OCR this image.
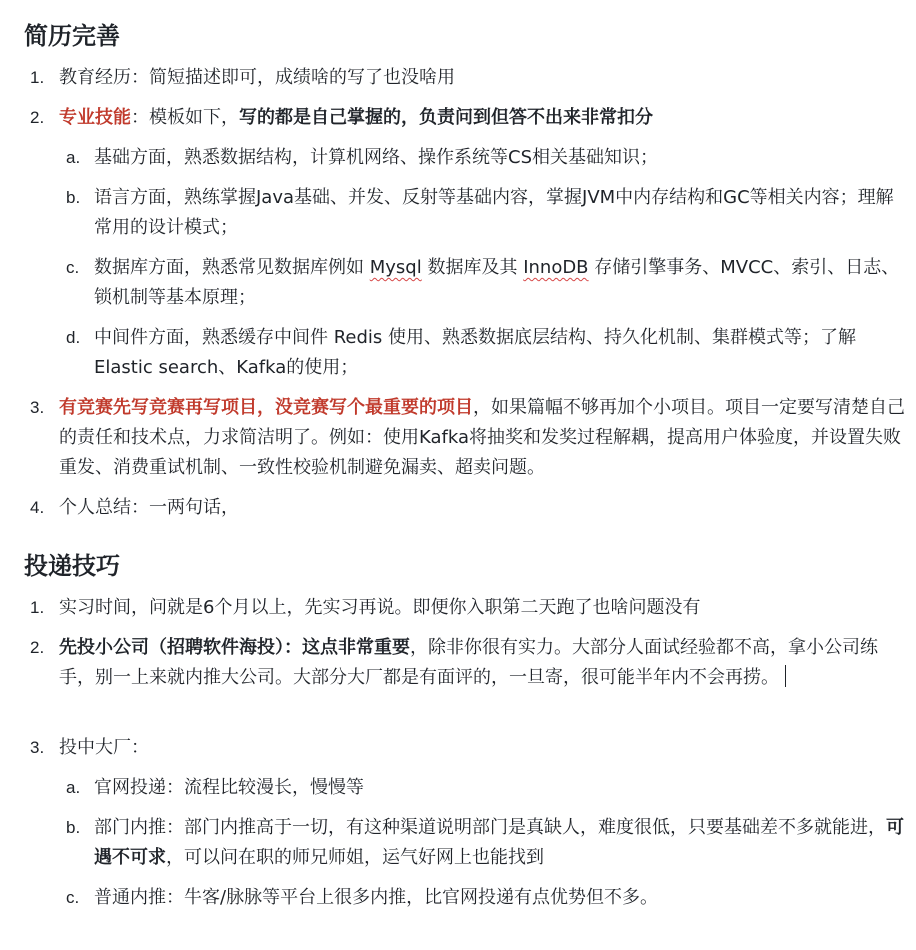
简历完善
1. 教育经历：简短描述即可，成绩啥的写了也没啥用
2. 专业技能：模板如下，写的都是自己掌握的，负责问到但答不出来非常扣分
a. 基础方面，熟悉数据结构，计算机网络、操作系统等CS相关基础知识；
b. 语言方面，熟练掌握Java基础、并发、反射等基础内容，掌握JVM中内存结构和GC等相关内容；理解常用的设计模式；
c. 数据库方面，熟悉常见数据库例如 Mysql 数据库及其 InnoDB 存储引擎事务、MVCC、索引、日志、锁机制等基本原理；
d. 中间件方面，熟悉缓存中间件 Redis 使用、熟悉数据底层结构、持久化机制、集群模式等；了解Elastic search、Kafka的使用；
3. 有竞赛先写竞赛再写项目，没竞赛写个最重要的项目，如果篇幅不够再加个小项目。项目一定要写清楚自己的责任和技术点，力求简洁明了。例如：使用Kafka将抽奖和发奖过程解耦，提高用户体验度，并设置失败重发、消费重试机制、一致性校验机制避免漏卖、超卖问题。
4. 个人总结：一两句话，
投递技巧
1. 实习时间，问就是6个月以上，先实习再说。即便你入职第二天跑了也啥问题没有
2. 先投小公司（招聘软件海投）：这点非常重要，除非你很有实力。大部分人面试经验都不高，拿小公司练手，别一上来就内推大公司。大部分大厂都是有面评的，一旦寄，很可能半年内不会再捞。
3. 投中大厂：
a. 官网投递：流程比较漫长，慢慢等
b. 部门内推：部门内推高于一切，有这种渠道说明部门是真缺人，难度很低，只要基础差不多就能进，可遇不可求，可以问在职的师兄师姐，运气好网上也能找到
c. 普通内推：牛客/脉脉等平台上很多内推，比官网投递有点优势但不多。
